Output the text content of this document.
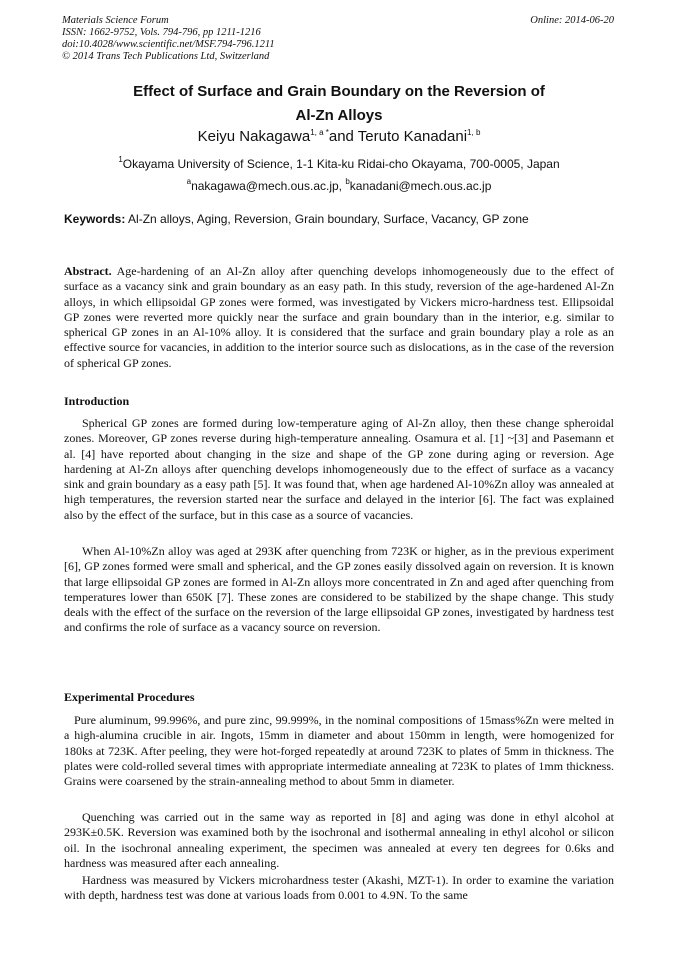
Materials Science Forum
ISSN: 1662-9752, Vols. 794-796, pp 1211-1216
doi:10.4028/www.scientific.net/MSF.794-796.1211
© 2014 Trans Tech Publications Ltd, Switzerland
Online: 2014-06-20
Effect of Surface and Grain Boundary on the Reversion of
Al-Zn Alloys
Keiyu Nakagawa$^{1, a *}$and Teruto Kanadani$^{1, b}$
$^1$Okayama University of Science, 1-1 Kita-ku Ridai-cho Okayama, 700-0005, Japan
$^a$nakagawa@mech.ous.ac.jp, $^b$kanadani@mech.ous.ac.jp
Keywords: Al-Zn alloys, Aging, Reversion, Grain boundary, Surface, Vacancy, GP zone
Abstract. Age-hardening of an Al-Zn alloy after quenching develops inhomogeneously due to the effect of surface as a vacancy sink and grain boundary as an easy path. In this study, reversion of the age-hardened Al-Zn alloys, in which ellipsoidal GP zones were formed, was investigated by Vickers micro-hardness test. Ellipsoidal GP zones were reverted more quickly near the surface and grain boundary than in the interior, e.g. similar to spherical GP zones in an Al-10% alloy. It is considered that the surface and grain boundary play a role as an effective source for vacancies, in addition to the interior source such as dislocations, as in the case of the reversion of spherical GP zones.
Introduction
Spherical GP zones are formed during low-temperature aging of Al-Zn alloy, then these change spheroidal zones. Moreover, GP zones reverse during high-temperature annealing. Osamura et al. [1] ~[3] and Pasemann et al. [4] have reported about changing in the size and shape of the GP zone during aging or reversion. Age hardening at Al-Zn alloys after quenching develops inhomogeneously due to the effect of surface as a vacancy sink and grain boundary as a easy path [5]. It was found that, when age hardened Al-10%Zn alloy was annealed at high temperatures, the reversion started near the surface and delayed in the interior [6]. The fact was explained also by the effect of the surface, but in this case as a source of vacancies.
When Al-10%Zn alloy was aged at 293K after quenching from 723K or higher, as in the previous experiment [6], GP zones formed were small and spherical, and the GP zones easily dissolved again on reversion. It is known that large ellipsoidal GP zones are formed in Al-Zn alloys more concentrated in Zn and aged after quenching from temperatures lower than 650K [7]. These zones are considered to be stabilized by the shape change. This study deals with the effect of the surface on the reversion of the large ellipsoidal GP zones, investigated by hardness test and confirms the role of surface as a vacancy source on reversion.
Experimental Procedures
Pure aluminum, 99.996%, and pure zinc, 99.999%, in the nominal compositions of 15mass%Zn were melted in a high-alumina crucible in air. Ingots, 15mm in diameter and about 150mm in length, were homogenized for 180ks at 723K. After peeling, they were hot-forged repeatedly at around 723K to plates of 5mm in thickness. The plates were cold-rolled several times with appropriate intermediate annealing at 723K to plates of 1mm thickness. Grains were coarsened by the strain-annealing method to about 5mm in diameter.
Quenching was carried out in the same way as reported in [8] and aging was done in ethyl alcohol at 293K±0.5K. Reversion was examined both by the isochronal and isothermal annealing in ethyl alcohol or silicon oil. In the isochronal annealing experiment, the specimen was annealed at every ten degrees for 0.6ks and hardness was measured after each annealing.
Hardness was measured by Vickers microhardness tester (Akashi, MZT-1). In order to examine the variation with depth, hardness test was done at various loads from 0.001 to 4.9N. To the same
